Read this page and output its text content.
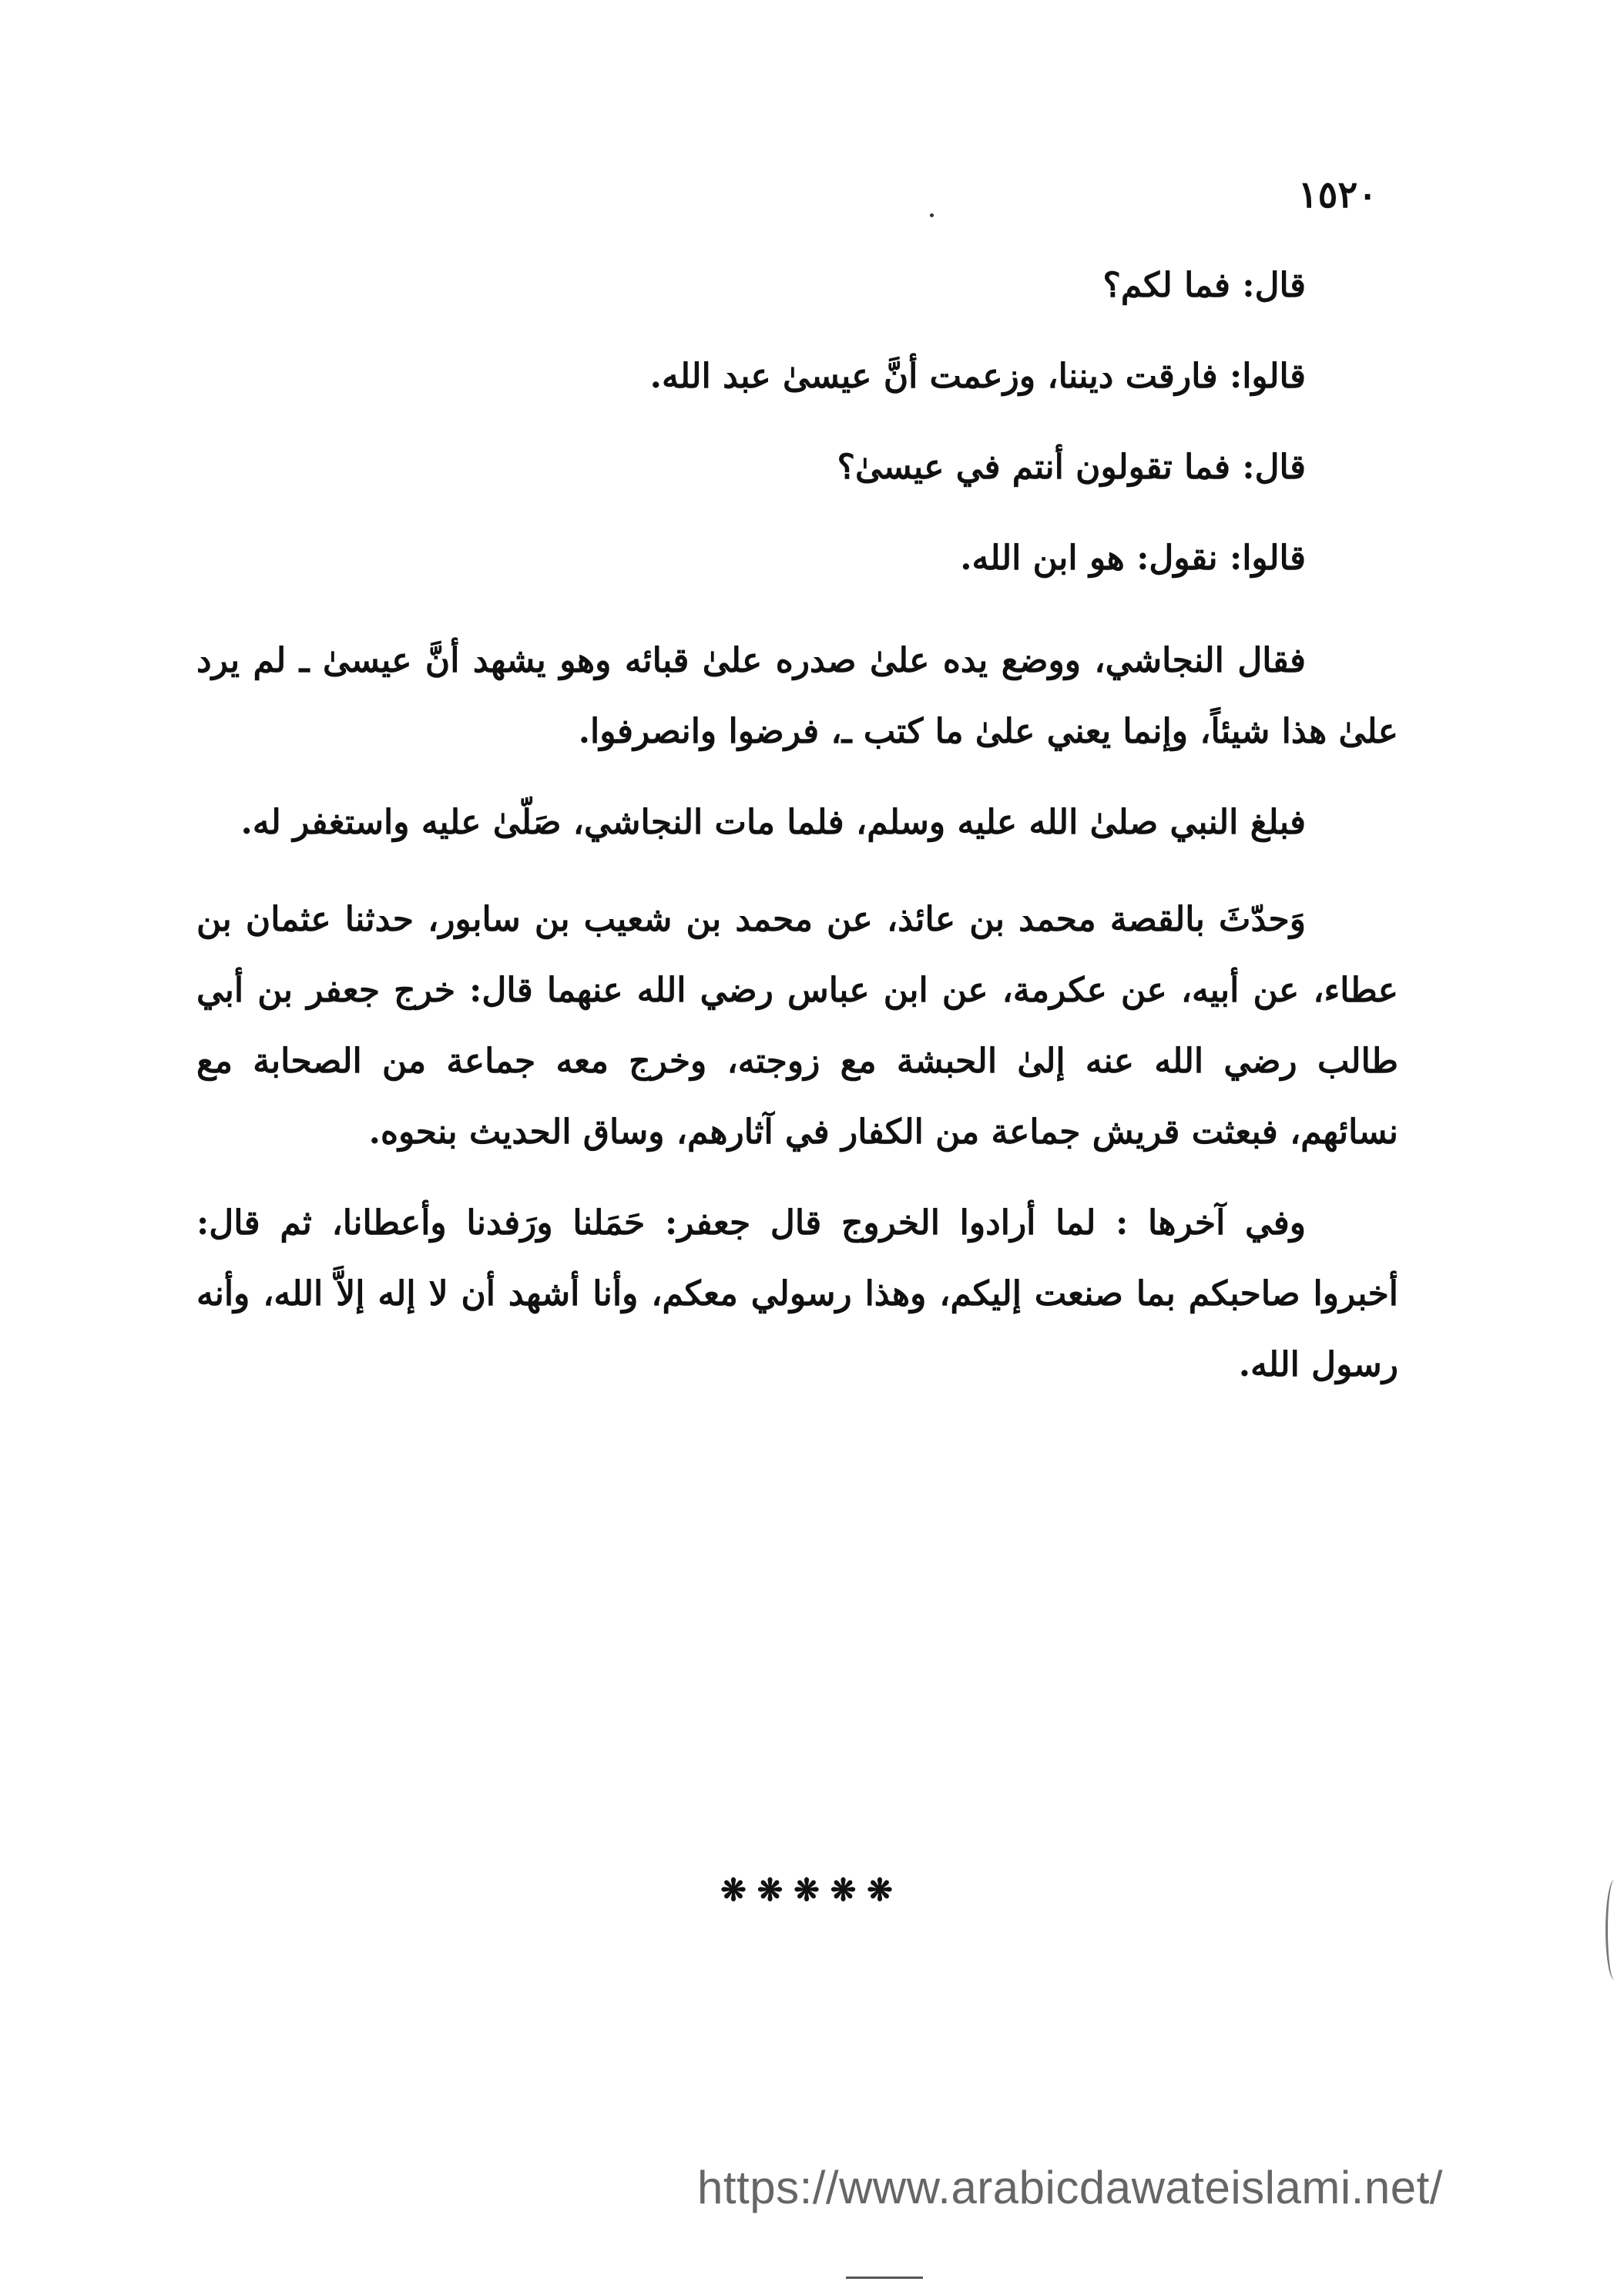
١٥٢٠

قال: فما لكم؟

قالوا: فارقت ديننا، وزعمت أنَّ عيسىٰ عبد الله.

قال: فما تقولون أنتم في عيسىٰ؟

قالوا: نقول: هو ابن الله.

فقال النجاشي، ووضع يده علىٰ صدره علىٰ قبائه وهو يشهد أنَّ عيسىٰ ـ لم يرد علىٰ هذا شيئاً، وإنما يعني علىٰ ما كتب ـ، فرضوا وانصرفوا.

فبلغ النبي صلىٰ الله عليه وسلم، فلما مات النجاشي، صَلّىٰ عليه واستغفر له.

وَحدّثَ بالقصة محمد بن عائذ، عن محمد بن شعيب بن سابور، حدثنا عثمان بن عطاء، عن أبيه، عن عكرمة، عن ابن عباس رضي الله عنهما قال: خرج جعفر بن أبي طالب رضي الله عنه إلىٰ الحبشة مع زوجته، وخرج معه جماعة من الصحابة مع نسائهم، فبعثت قريش جماعة من الكفار في آثارهم، وساق الحديث بنحوه.

وفي آخرها : لما أرادوا الخروج قال جعفر: حَمَلنا ورَفدنا وأعطانا، ثم قال: أخبروا صاحبكم بما صنعت إليكم، وهذا رسولي معكم، وأنا أشهد أن لا إله إلاَّ الله، وأنه رسول الله.

❋❋❋❋❋
https://www.arabicdawateislami.net/
